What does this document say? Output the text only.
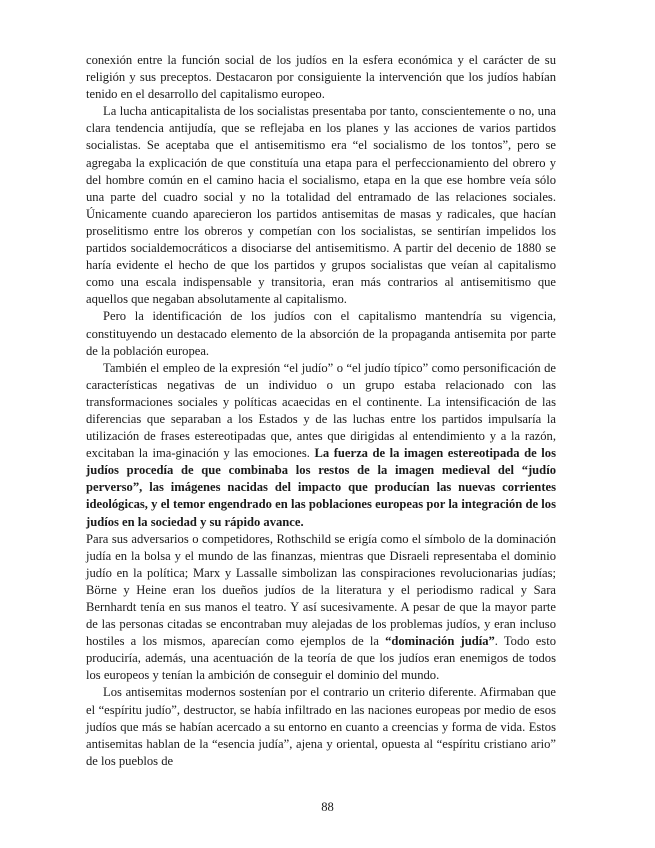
conexión entre la función social de los judíos en la esfera económica y el carácter de su religión y sus preceptos. Destacaron por consiguiente la intervención que los judíos habían tenido en el desarrollo del capitalismo europeo.

La lucha anticapitalista de los socialistas presentaba por tanto, conscientemente o no, una clara tendencia antijudía, que se reflejaba en los planes y las acciones de varios partidos socialistas. Se aceptaba que el antisemitismo era “el socialismo de los tontos”, pero se agregaba la explicación de que constituía una etapa para el perfeccionamiento del obrero y del hombre común en el camino hacia el socialismo, etapa en la que ese hombre veía sólo una parte del cuadro social y no la totalidad del entramado de las relaciones sociales. Únicamente cuando aparecieron los partidos antisemitas de masas y radicales, que hacían proselitismo entre los obreros y competían con los socialistas, se sentirían impelidos los partidos socialdemocráticos a disociarse del antisemitismo. A partir del decenio de 1880 se haría evidente el hecho de que los partidos y grupos socialistas que veían al capitalismo como una escala indispensable y transitoria, eran más contrarios al antisemitismo que aquellos que negaban absolutamente al capitalismo.

Pero la identificación de los judíos con el capitalismo mantendría su vigencia, constituyendo un destacado elemento de la absorción de la propaganda antisemita por parte de la población europea.

También el empleo de la expresión “el judío” o “el judío típico” como personificación de características negativas de un individuo o un grupo estaba relacionado con las transformaciones sociales y políticas acaecidas en el continente. La intensificación de las diferencias que separaban a los Estados y de las luchas entre los partidos impulsaría la utilización de frases estereotipadas que, antes que dirigidas al entendimiento y a la razón, excitaban la ima-ginación y las emociones. La fuerza de la imagen estereotipada de los judíos procedía de que combinaba los restos de la imagen medieval del “judío perverso”, las imágenes nacidas del impacto que producían las nuevas corrientes ideológicas, y el temor engendrado en las poblaciones europeas por la integración de los judíos en la sociedad y su rápido avance.

Para sus adversarios o competidores, Rothschild se erigía como el símbolo de la dominación judía en la bolsa y el mundo de las finanzas, mientras que Disraeli representaba el dominio judío en la política; Marx y Lassalle simbolizan las conspiraciones revolucionarias judías; Börne y Heine eran los dueños judíos de la literatura y el periodismo radical y Sara Bernhardt tenía en sus manos el teatro. Y así sucesivamente. A pesar de que la mayor parte de las personas citadas se encontraban muy alejadas de los problemas judíos, y eran incluso hostiles a los mismos, aparecían como ejemplos de la “dominación judía”. Todo esto produciría, además, una acentuación de la teoría de que los judíos eran enemigos de todos los europeos y tenían la ambición de conseguir el dominio del mundo.

Los antisemitas modernos sostenían por el contrario un criterio diferente. Afirmaban que el “espíritu judío”, destructor, se había infiltrado en las naciones europeas por medio de esos judíos que más se habían acercado a su entorno en cuanto a creencias y forma de vida. Estos antisemitas hablan de la “esencia judía”, ajena y oriental, opuesta al “espíritu cristiano ario” de los pueblos de

88
